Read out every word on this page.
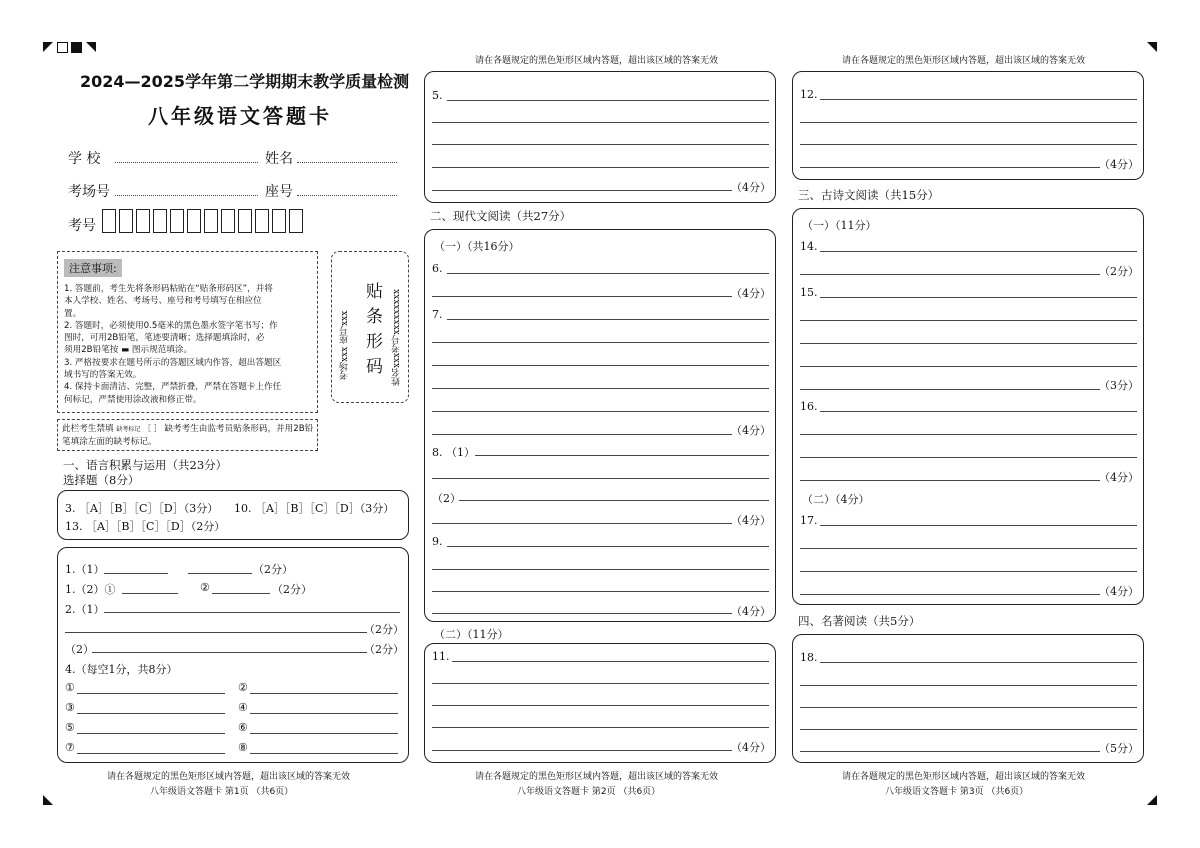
2024—2025学年第二学期期末教学质量检测
八年级语文答题卡
学 校	姓名
考场号	座号
考号
注意事项:

1. 答题前，考生先将条形码粘贴在“贴条形码区”，并将

本人学校、姓名、考场号、座号和考号填写在相应位

置。

2. 答题时，必须使用0.5毫米的黑色墨水签字笔书写；作

图时，可用2B铅笔，笔迹要清晰；选择题填涂时，必

须用2B铅笔按 ▬ 图示规范填涂。

3. 严格按要求在题号所示的答题区域内作答，超出答题区

域书写的答案无效。

4. 保持卡面清洁、完整，严禁折叠，严禁在答题卡上作任

何标记，严禁使用涂改液和修正带。

考场xxx 座号xxx 贴条形码	姓名xxx考号xxxxxxxxx
此栏考生禁填 缺考标记 ［ ］ 缺考考生由监考员贴条形码，并用2B铅
笔填涂左面的缺考标记。
一、语言积累与运用（共23分）
选择题（8分）
3. ［A］［B］［C］［D］（3分） 10. ［A］［B］［C］［D］（3分）
13. ［A］［B］［C］［D］（2分）
1.（1）	（2分）
1.（2）①	②	（2分）
2.（1）
（2分）
（2）	（2分）
4.（每空1分，共8分）
①	②
③	④
⑤	⑥
⑦	⑧
请在各题规定的黑色矩形区域内答题，超出该区域的答案无效
八年级语文答题卡 第1页 （共6页）
请在各题规定的黑色矩形区域内答题，超出该区域的答案无效
5.
（4分）
二、现代文阅读（共27分）
（一）（共16分）
6.
（4分）
7.
（4分）
8. （1）
（2）
（4分）
9.
（4分）
（二）（11分）
11.
（4分）
请在各题规定的黑色矩形区域内答题，超出该区域的答案无效
八年级语文答题卡 第2页 （共6页）
请在各题规定的黑色矩形区域内答题，超出该区域的答案无效
12.
（4分）
三、古诗文阅读（共15分）
（一）（11分）
14.
（2分）
15.
（3分）
16.
（4分）
（二）（4分）
17.
（4分）
四、名著阅读（共5分）
18.
（5分）
请在各题规定的黑色矩形区域内答题，超出该区域的答案无效
八年级语文答题卡 第3页 （共6页）
